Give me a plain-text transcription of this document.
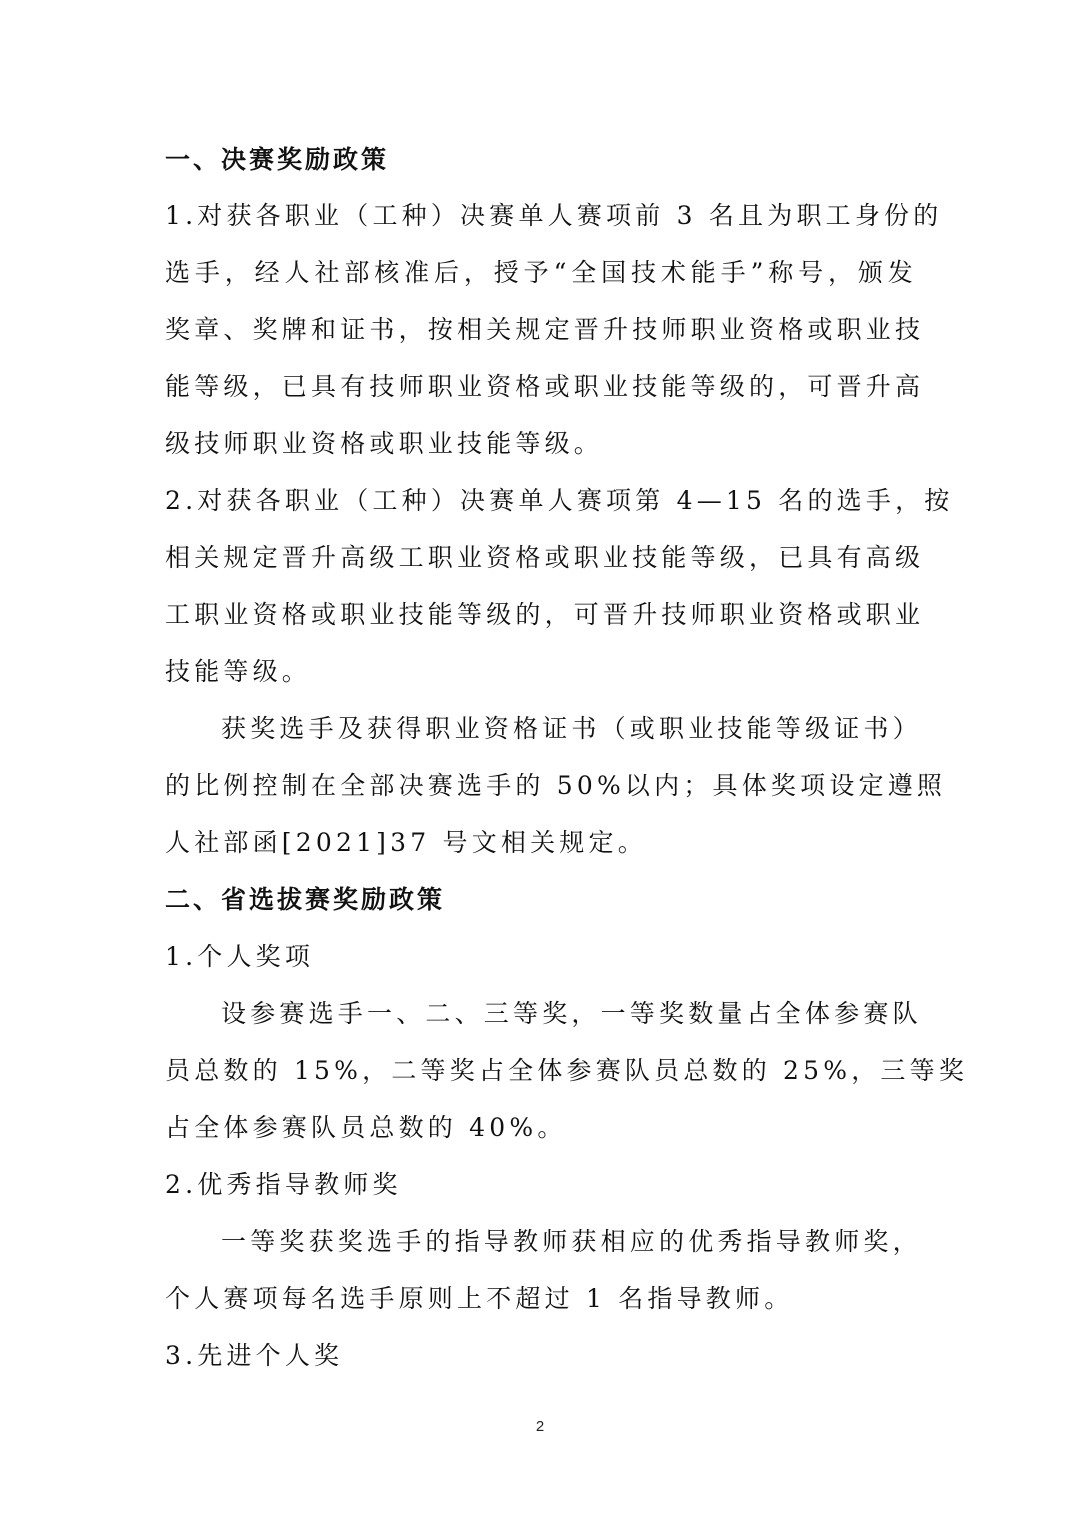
一、决赛奖励政策
1.对获各职业（工种）决赛单人赛项前 3 名且为职工身份的
选手，经人社部核准后，授予“全国技术能手”称号，颁发
奖章、奖牌和证书，按相关规定晋升技师职业资格或职业技
能等级，已具有技师职业资格或职业技能等级的，可晋升高
级技师职业资格或职业技能等级。
2.对获各职业（工种）决赛单人赛项第 4—15 名的选手，按
相关规定晋升高级工职业资格或职业技能等级，已具有高级
工职业资格或职业技能等级的，可晋升技师职业资格或职业
技能等级。
获奖选手及获得职业资格证书（或职业技能等级证书）
的比例控制在全部决赛选手的 50%以内；具体奖项设定遵照
人社部函[2021]37 号文相关规定。
二、省选拔赛奖励政策
1.个人奖项
设参赛选手一、二、三等奖，一等奖数量占全体参赛队
员总数的 15%，二等奖占全体参赛队员总数的 25%，三等奖
占全体参赛队员总数的 40%。
2.优秀指导教师奖
一等奖获奖选手的指导教师获相应的优秀指导教师奖，
个人赛项每名选手原则上不超过 1 名指导教师。
3.先进个人奖
2
